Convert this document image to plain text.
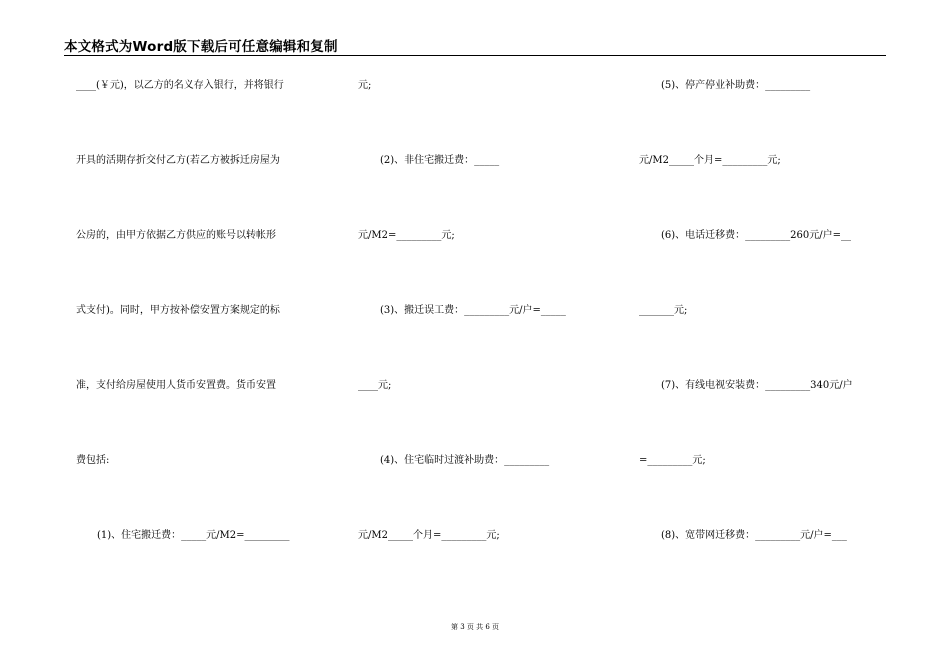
本文格式为Word版下载后可任意编辑和复制
____(￥元)，以乙方的名义存入银行，并将银行
开具的活期存折交付乙方(若乙方被拆迁房屋为
公房的，由甲方依据乙方供应的账号以转帐形
式支付)。同时，甲方按补偿安置方案规定的标
准，支付给房屋使用人货币安置费。货币安置
费包括:
(1)、住宅搬迁费：_____元/M2=_________
元;
(2)、非住宅搬迁费：_____
元/M2=_________元;
(3)、搬迁误工费：_________元/户=_____
____元;
(4)、住宅临时过渡补助费：_________
元/M2_____个月=_________元;
(5)、停产停业补助费：_________
元/M2_____个月=_________元;
(6)、电话迁移费：_________260元/户=__
_______元;
(7)、有线电视安装费：_________340元/户
=_________元;
(8)、宽带网迁移费：_________元/户=___
第 3 页 共 6 页
